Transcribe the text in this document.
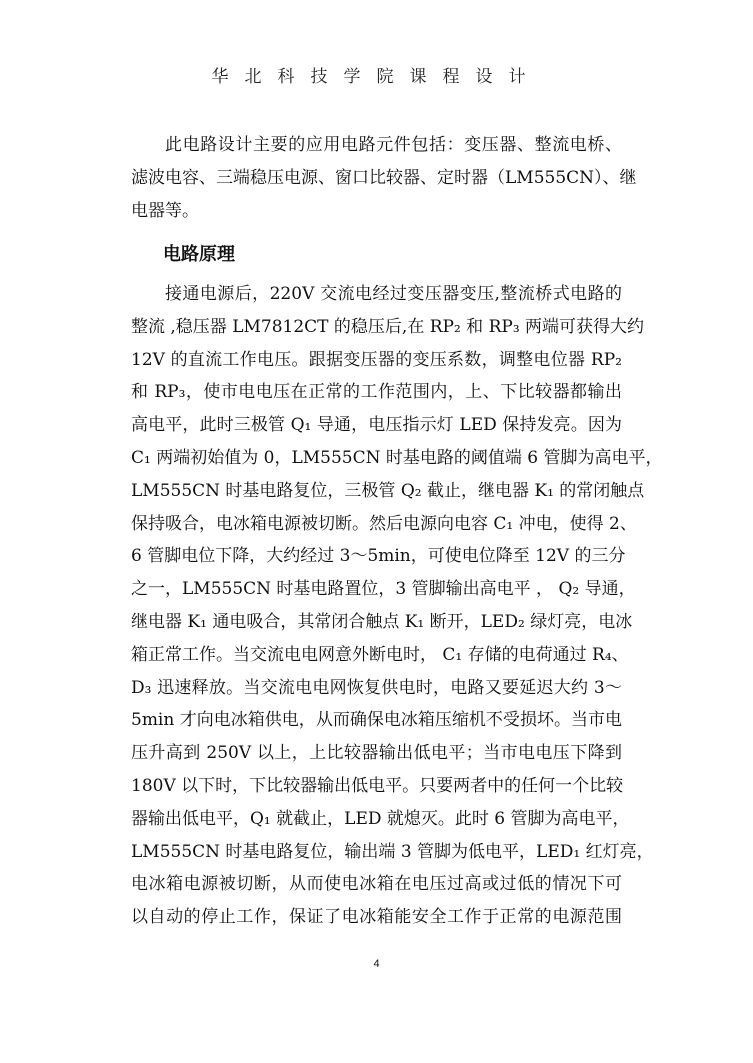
华北科技学院课程设计
此电路设计主要的应用电路元件包括：变压器、整流电桥、
滤波电容、三端稳压电源、窗口比较器、定时器（LM555CN）、继
电器等。
电路原理
接通电源后，220V 交流电经过变压器变压,整流桥式电路的
整流 ,稳压器 LM7812CT 的稳压后,在 RP₂ 和 RP₃ 两端可获得大约
12V 的直流工作电压。跟据变压器的变压系数，调整电位器 RP₂
和 RP₃，使市电电压在正常的工作范围内，上、下比较器都输出
高电平，此时三极管 Q₁ 导通，电压指示灯 LED 保持发亮。因为
C₁ 两端初始值为 0，LM555CN 时基电路的阈值端 6 管脚为高电平，
LM555CN 时基电路复位，三极管 Q₂ 截止，继电器 K₁ 的常闭触点
保持吸合，电冰箱电源被切断。然后电源向电容 C₁ 冲电，使得 2、
6 管脚电位下降，大约经过 3～5min，可使电位降至 12V 的三分
之一，LM555CN 时基电路置位，3 管脚输出高电平 ， Q₂ 导通，
继电器 K₁ 通电吸合，其常闭合触点 K₁ 断开，LED₂ 绿灯亮，电冰
箱正常工作。当交流电电网意外断电时， C₁ 存储的电荷通过 R₄、
D₃ 迅速释放。当交流电电网恢复供电时，电路又要延迟大约 3～
5min 才向电冰箱供电，从而确保电冰箱压缩机不受损坏。当市电
压升高到 250V 以上，上比较器输出低电平；当市电电压下降到
180V 以下时，下比较器输出低电平。只要两者中的任何一个比较
器输出低电平，Q₁ 就截止，LED 就熄灭。此时 6 管脚为高电平，
LM555CN 时基电路复位，输出端 3 管脚为低电平，LED₁ 红灯亮，
电冰箱电源被切断，从而使电冰箱在电压过高或过低的情况下可
以自动的停止工作，保证了电冰箱能安全工作于正常的电源范围
4
